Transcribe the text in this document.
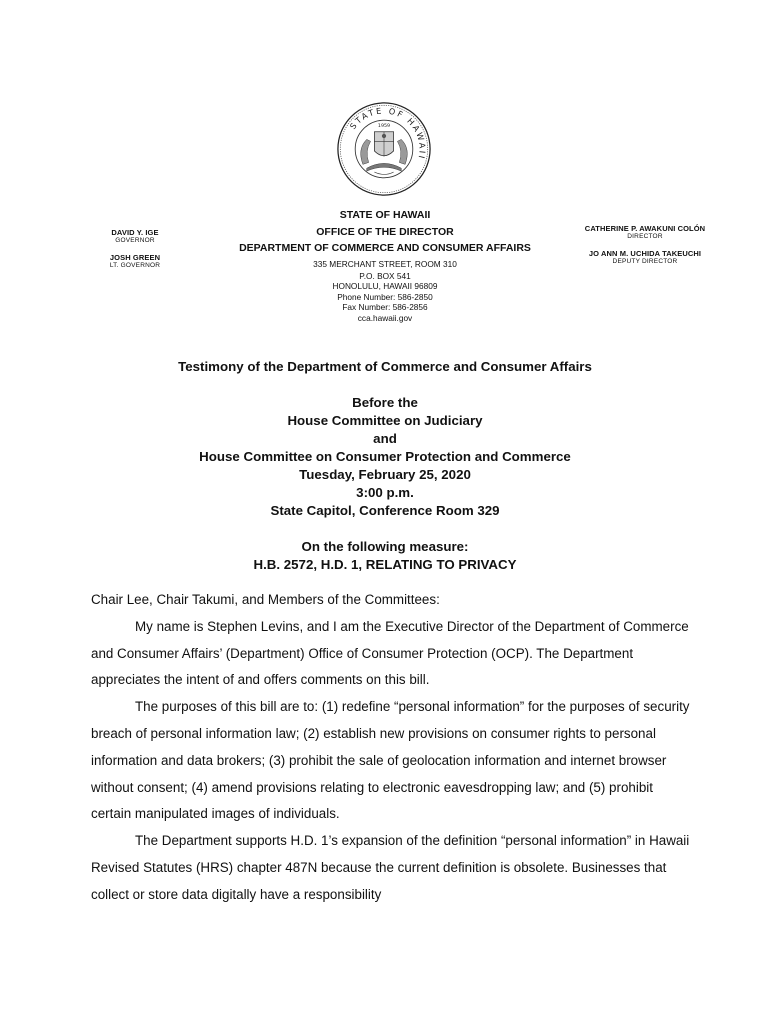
STATE OF HAWAII
1959
DAVID Y. IGE
GOVERNOR
JOSH GREEN
LT. GOVERNOR
STATE OF HAWAII
OFFICE OF THE DIRECTOR
DEPARTMENT OF COMMERCE AND CONSUMER AFFAIRS
335 MERCHANT STREET, ROOM 310
P.O. BOX 541
HONOLULU, HAWAII 96809
Phone Number: 586-2850
Fax Number: 586-2856
cca.hawaii.gov
CATHERINE P. AWAKUNI COLÓN
DIRECTOR
JO ANN M. UCHIDA TAKEUCHI
DEPUTY DIRECTOR
Testimony of the Department of Commerce and Consumer Affairs
Before the
House Committee on Judiciary
and
House Committee on Consumer Protection and Commerce
Tuesday, February 25, 2020
3:00 p.m.
State Capitol, Conference Room 329
On the following measure:
H.B. 2572, H.D. 1, RELATING TO PRIVACY

Chair Lee, Chair Takumi, and Members of the Committees:

My name is Stephen Levins, and I am the Executive Director of the Department of Commerce and Consumer Affairs’ (Department) Office of Consumer Protection (OCP). The Department appreciates the intent of and offers comments on this bill.

The purposes of this bill are to: (1) redefine “personal information” for the purposes of security breach of personal information law; (2) establish new provisions on consumer rights to personal information and data brokers; (3) prohibit the sale of geolocation information and internet browser without consent; (4) amend provisions relating to electronic eavesdropping law; and (5) prohibit certain manipulated images of individuals.

The Department supports H.D. 1’s expansion of the definition “personal information” in Hawaii Revised Statutes (HRS) chapter 487N because the current definition is obsolete. Businesses that collect or store data digitally have a responsibility
